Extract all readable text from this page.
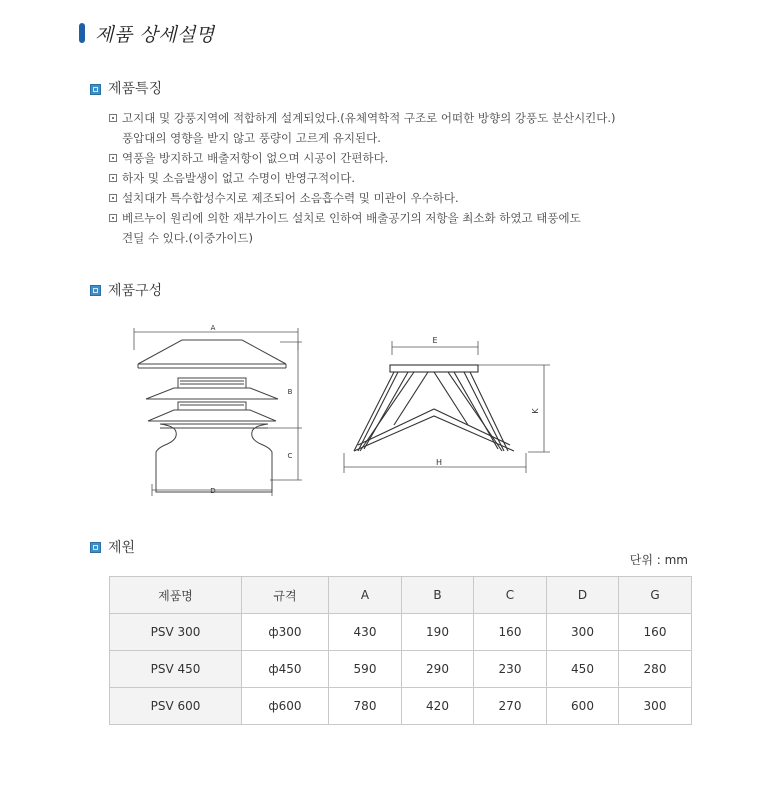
제품 상세설명
제품특징
고지대 및 강풍지역에 적합하게 설계되었다.(유체역학적 구조로 어떠한 방향의 강풍도 분산시킨다.)
풍압대의 영향을 받지 않고 풍량이 고르게 유지된다.
역풍을 방지하고 배출저항이 없으며 시공이 간편하다.
하자 및 소음발생이 없고 수명이 반영구적이다.
설치대가 특수합성수지로 제조되어 소음흡수력 및 미관이 우수하다.
베르누이 원리에 의한 재부가이드 설치로 인하여 배출공기의 저항을 최소화 하였고 태풍에도
견딜 수 있다.(이중가이드)
제품구성
A
B
C
D
E
H
K
제원
단위 : mm
제품명	규격	A	B	C	D	G
PSV 300	ф300	430	190	160	300	160
PSV 450	ф450	590	290	230	450	280
PSV 600	ф600	780	420	270	600	300
